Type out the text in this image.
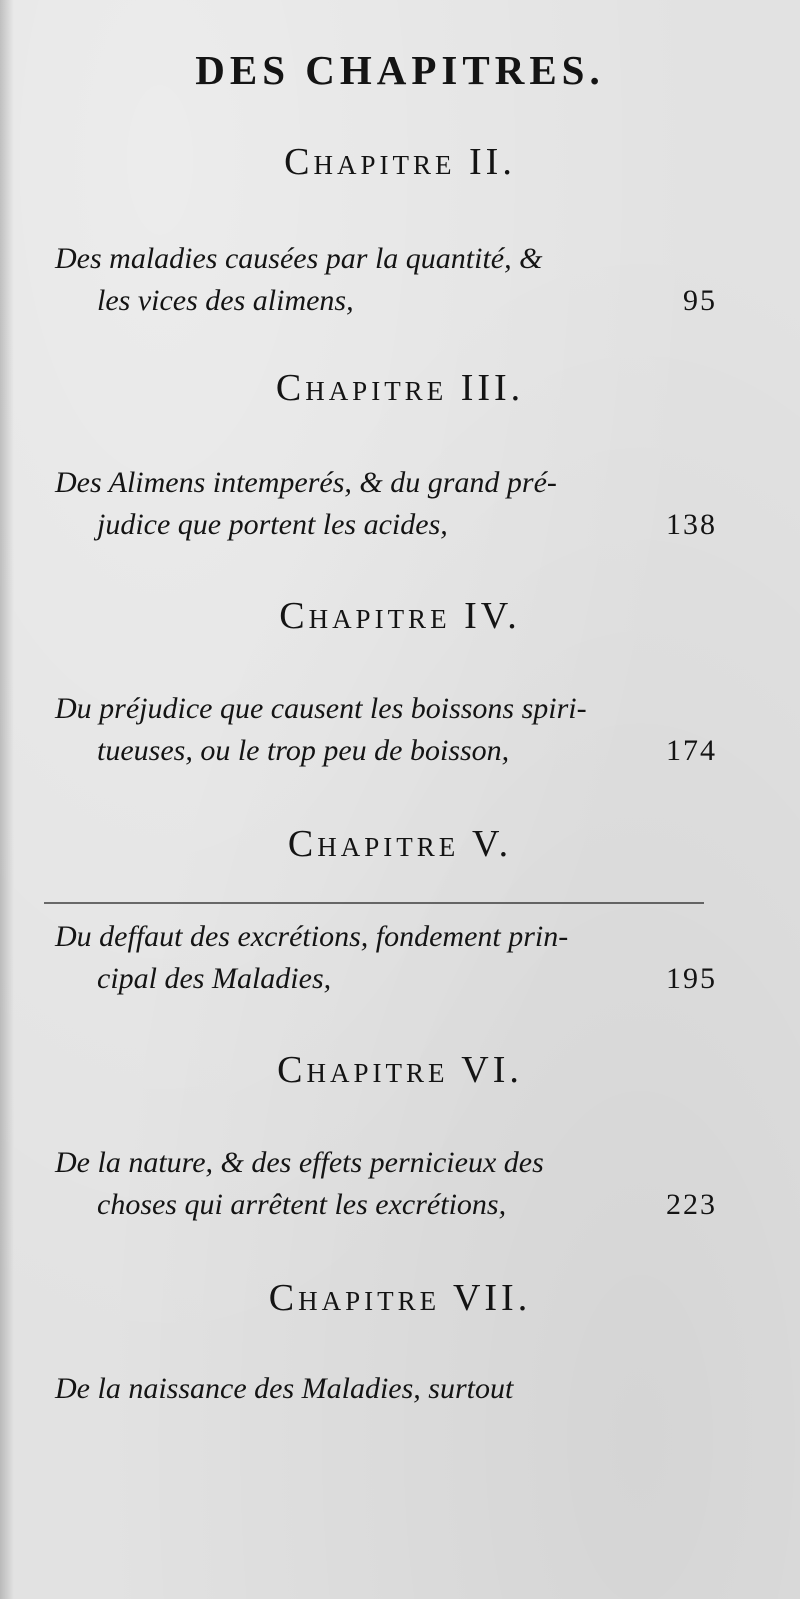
DES CHAPITRES.
Chapitre II.
Des maladies causées par la quantité, &
les vices des alimens,	95
Chapitre III.
Des Alimens intemperés, & du grand pré-
judice que portent les acides,	138
Chapitre IV.
Du préjudice que causent les boissons spiri-
tueuses, ou le trop peu de boisson,	174
Chapitre V.
Du deffaut des excrétions, fondement prin-
cipal des Maladies,	195
Chapitre VI.
De la nature, & des effets pernicieux des
choses qui arrêtent les excrétions,	223
Chapitre VII.
De la naissance des Maladies, surtout
